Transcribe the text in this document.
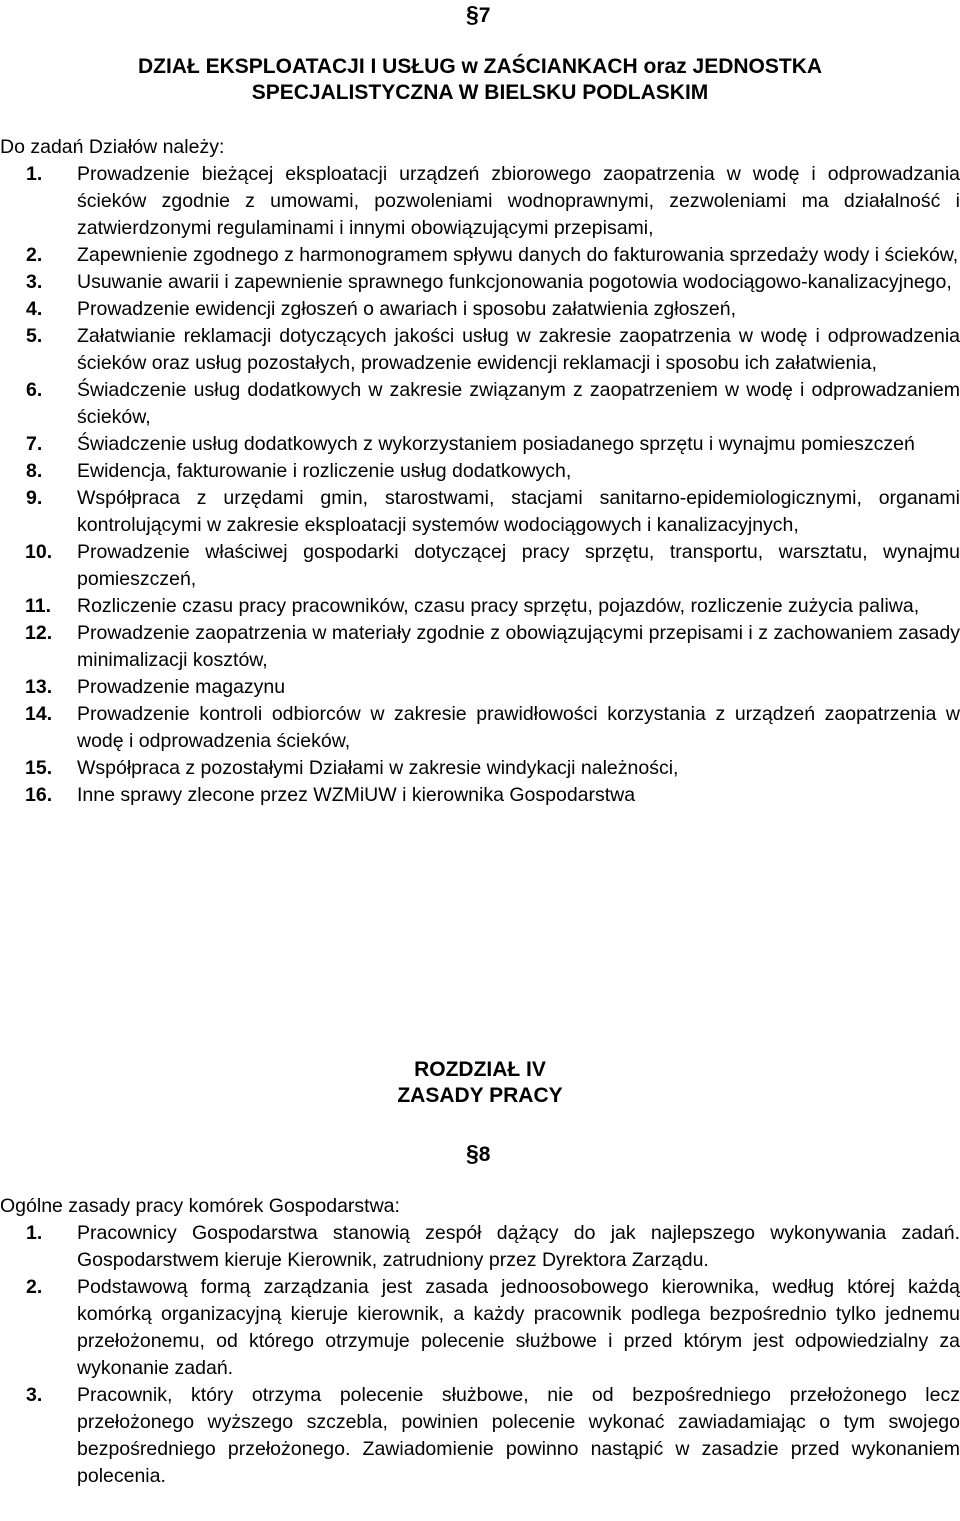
§7
DZIAŁ EKSPLOATACJI I USŁUG w ZAŚCIANKACH oraz JEDNOSTKA
SPECJALISTYCZNA W BIELSKU PODLASKIM
Do zadań Działów należy:
1. Prowadzenie bieżącej eksploatacji urządzeń zbiorowego zaopatrzenia w wodę i odprowadzania ścieków zgodnie z umowami, pozwoleniami wodnoprawnymi, zezwoleniami ma działalność i zatwierdzonymi regulaminami i innymi obowiązującymi przepisami,
2. Zapewnienie zgodnego z harmonogramem spływu danych do fakturowania sprzedaży wody i ścieków,
3. Usuwanie awarii i zapewnienie sprawnego funkcjonowania pogotowia wodociągowo-kanalizacyjnego,
4. Prowadzenie ewidencji zgłoszeń o awariach i sposobu załatwienia zgłoszeń,
5. Załatwianie reklamacji dotyczących jakości usług w zakresie zaopatrzenia w wodę i odprowadzenia ścieków oraz usług pozostałych, prowadzenie ewidencji reklamacji i sposobu ich załatwienia,
6. Świadczenie usług dodatkowych w zakresie związanym z zaopatrzeniem w wodę i odprowadzaniem ścieków,
7. Świadczenie usług dodatkowych z wykorzystaniem posiadanego sprzętu i wynajmu pomieszczeń
8. Ewidencja, fakturowanie i rozliczenie usług dodatkowych,
9. Współpraca z urzędami gmin, starostwami, stacjami sanitarno-epidemiologicznymi, organami kontrolującymi w zakresie eksploatacji systemów wodociągowych i kanalizacyjnych,
10. Prowadzenie właściwej gospodarki dotyczącej pracy sprzętu, transportu, warsztatu, wynajmu pomieszczeń,
11. Rozliczenie czasu pracy pracowników, czasu pracy sprzętu, pojazdów, rozliczenie zużycia paliwa,
12. Prowadzenie zaopatrzenia w materiały zgodnie z obowiązującymi przepisami i z zachowaniem zasady minimalizacji kosztów,
13. Prowadzenie magazynu
14. Prowadzenie kontroli odbiorców w zakresie prawidłowości korzystania z urządzeń zaopatrzenia w wodę i odprowadzenia ścieków,
15. Współpraca z pozostałymi Działami w zakresie windykacji należności,
16. Inne sprawy zlecone przez WZMiUW i kierownika Gospodarstwa
ROZDZIAŁ IV
ZASADY PRACY
§8
Ogólne zasady pracy komórek Gospodarstwa:
1. Pracownicy Gospodarstwa stanowią zespół dążący do jak najlepszego wykonywania zadań. Gospodarstwem kieruje Kierownik, zatrudniony przez Dyrektora Zarządu.
2. Podstawową formą zarządzania jest zasada jednoosobowego kierownika, według której każdą komórką organizacyjną kieruje kierownik, a każdy pracownik podlega bezpośrednio tylko jednemu przełożonemu, od którego otrzymuje polecenie służbowe i przed którym jest odpowiedzialny za wykonanie zadań.
3. Pracownik, który otrzyma polecenie służbowe, nie od bezpośredniego przełożonego lecz przełożonego wyższego szczebla, powinien polecenie wykonać zawiadamiając o tym swojego bezpośredniego przełożonego. Zawiadomienie powinno nastąpić w zasadzie przed wykonaniem polecenia.
